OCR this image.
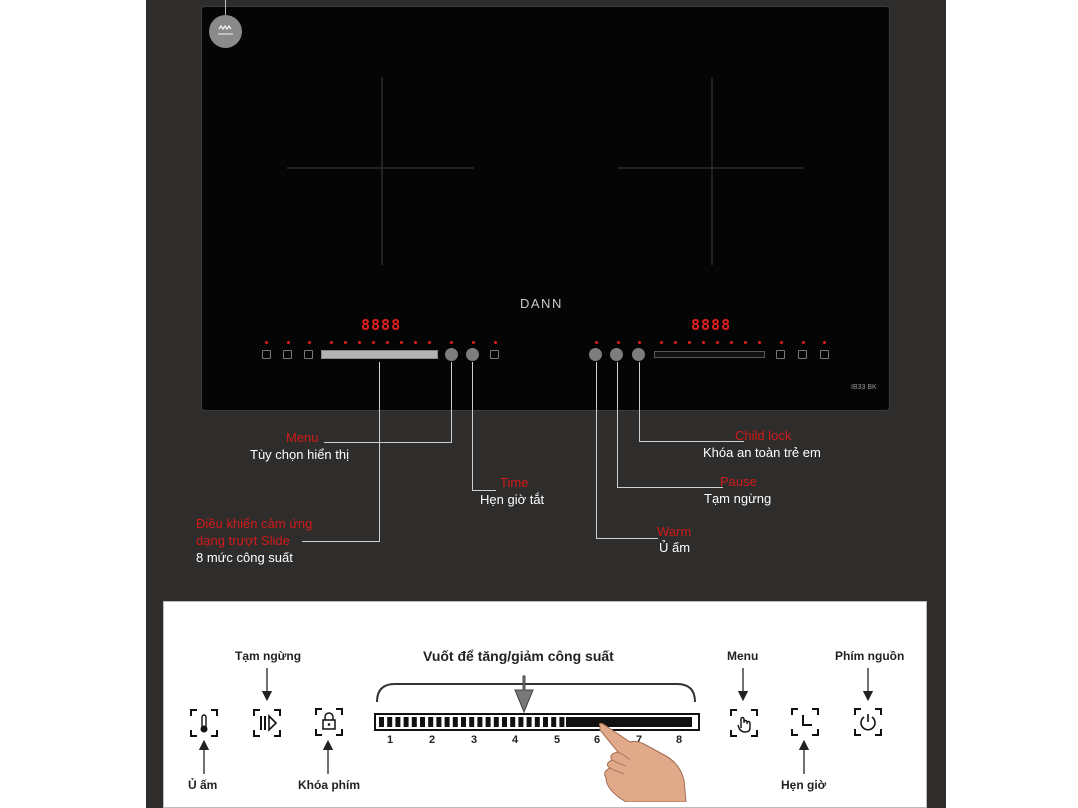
DANN
8888	8888
IB33 BK
Menu
Tùy chọn hiển thị
Time
Hẹn giờ tắt
Điều khiển cảm ứng
dạng trượt Slide
8 mức công suất
Child lock
Khóa an toàn trẻ em
Pause
Tạm ngừng
Warm
Ủ ấm
Vuốt để tăng/giảm công suất
Tạm ngừng
Ủ ấm	Khóa phím
Menu	Phím nguồn
Hẹn giờ
1	2	3	4	5	6	7	8
